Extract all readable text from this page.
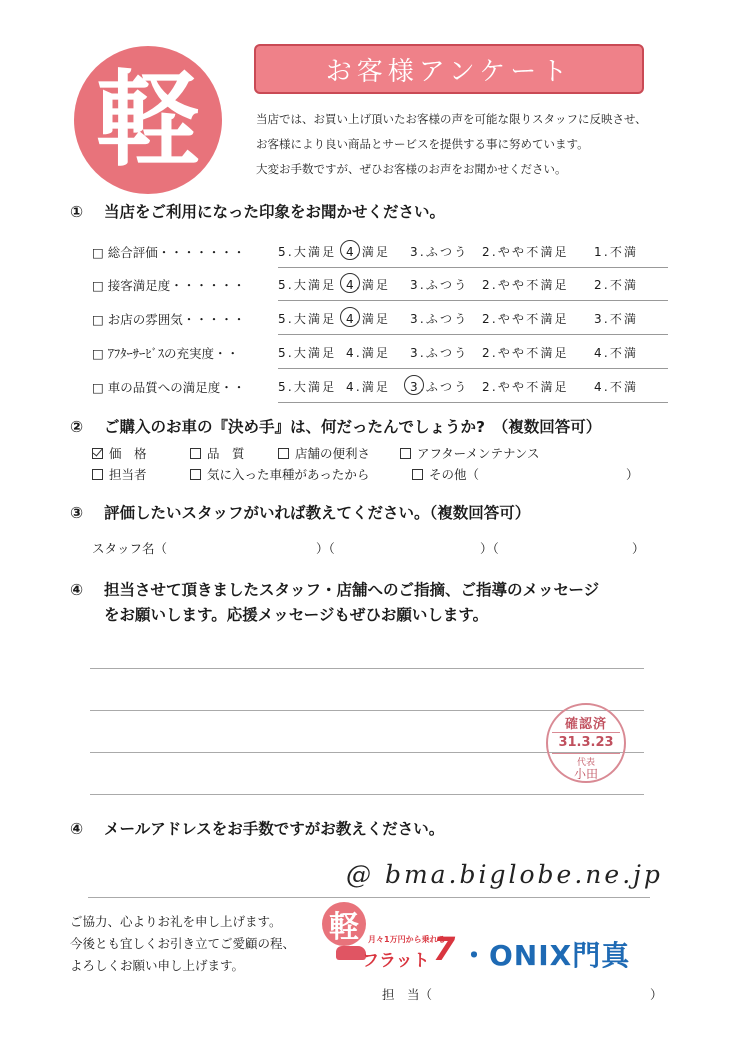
軽	お客様アンケート
当店では、お買い上げ頂いたお客様の声を可能な限りスタッフに反映させ、
お客様により良い商品とサービスを提供する事に努めています。
大変お手数ですが、ぜひお客様のお声をお聞かせください。
① 当店をご利用になった印象をお聞かせください。
□ 総合評価・・・・・・・	5.大満足 4.満足 3.ふつう 2.やや不満足 1.不満
□ 接客満足度・・・・・・	5.大満足 4.満足 3.ふつう 2.やや不満足 2.不満
□ お店の雰囲気・・・・・	5.大満足 4.満足 3.ふつう 2.やや不満足 3.不満
□ ｱﾌﾀｰｻｰﾋﾞｽの充実度・・	5.大満足 4.満足 3.ふつう 2.やや不満足 4.不満
□ 車の品質への満足度・・	5.大満足 4.満足 3.ふつう 2.やや不満足 4.不満
② ご購入のお車の『決め手』は、何だったんでしょうか?　（複数回答可）
価　格	品　質	店舗の便利さ	アフターメンテナンス
担当者	気に入った車種があったから	その他（	）
③ 評価したいスタッフがいれば教えてください。（複数回答可）
スタッフ名（	）（	）（	）
④ 担当させて頂きましたスタッフ・店舗へのご指摘、ご指導のメッセージ
をお願いします。応援メッセージもぜひお願いします。
確認済
31.3.23
代表
小田
④ メールアドレスをお手数ですがお教えください。
@ bma.biglobe.ne.jp
ご協力、心よりお礼を申し上げます。
今後とも宜しくお引き立てご愛顧の程、
よろしくお願い申し上げます。
軽	月々1万円から乗れる
フラット 7 ・ONIX門真
担　当（	）
